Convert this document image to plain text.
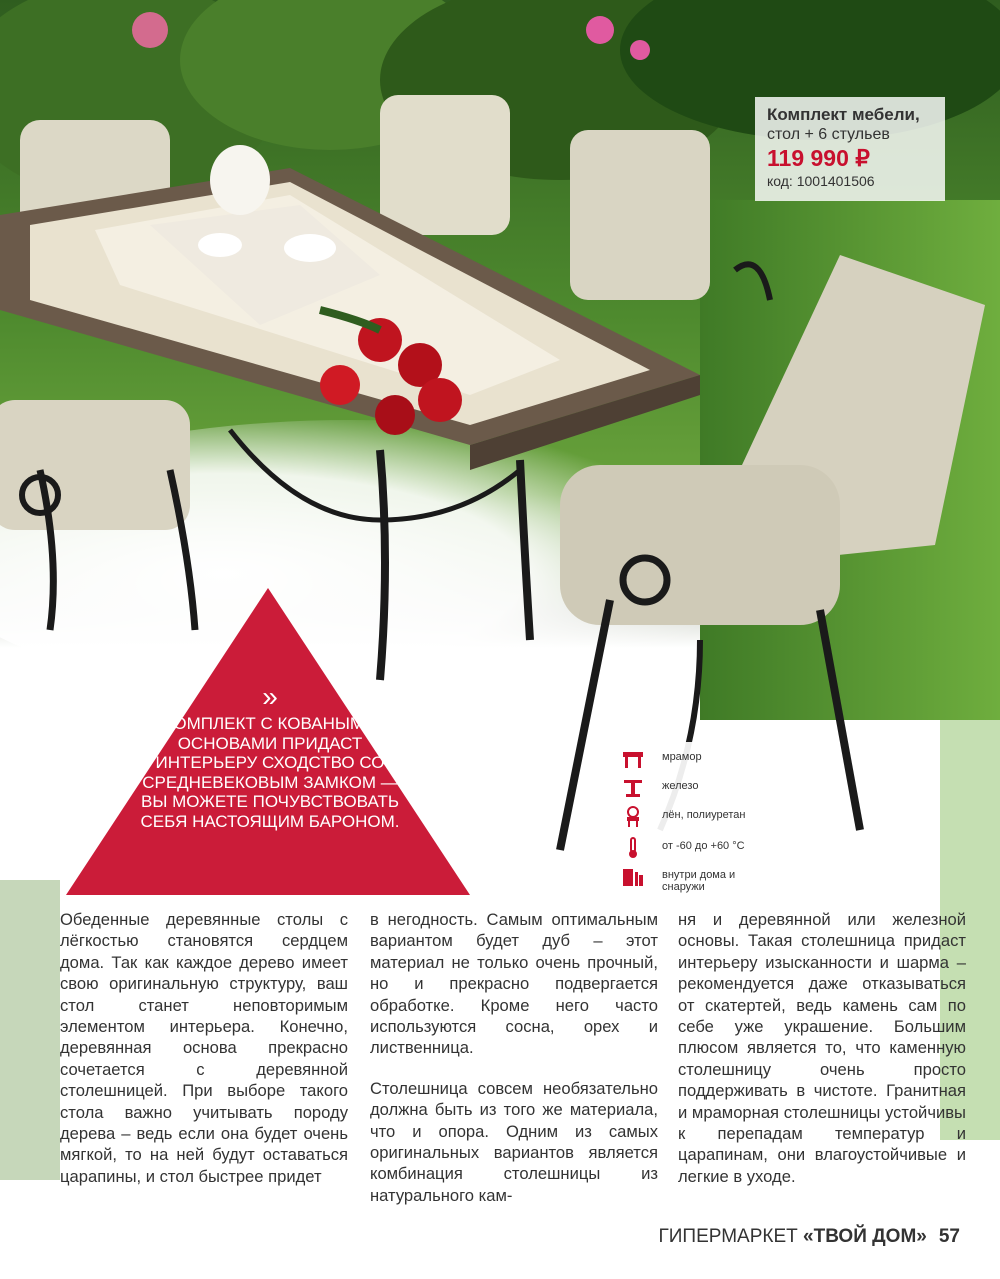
Комплект мебели,
стол + 6 стульев
119 990 ₽
код: 1001401506
»
КОМПЛЕКТ С КОВАНЫМИ ОСНОВАМИ ПРИДАСТ ИНТЕРЬЕРУ СХОДСТВО СО СРЕДНЕВЕКОВЫМ ЗАМКОМ — ВЫ МОЖЕТЕ ПОЧУВСТВОВАТЬ СЕБЯ НАСТОЯЩИМ БАРОНОМ.
мрамор
железо
лён, полиуретан
от -60 до +60 °С
внутри дома и снаружи

Обеденные деревянные столы с лёгкостью становятся сердцем дома. Так как каждое дерево имеет свою оригинальную структуру, ваш стол станет неповторимым элементом интерьера. Конечно, деревянная основа прекрасно сочетается с деревянной столешницей. При выборе такого стола важно учитывать породу дерева – ведь если она будет очень мягкой, то на ней будут оставаться царапины, и стол быстрее придет

в негодность. Самым оптимальным вариантом будет дуб – этот материал не только очень прочный, но и прекрасно подвергается обработке. Кроме него часто используются сосна, орех и лиственница.

Столешница совсем необязательно должна быть из того же материала, что и опора. Одним из самых оригинальных вариантов является комбинация столешницы из натурального кам-

ня и деревянной или железной основы. Такая столешница придаст интерьеру изысканности и шарма – рекомендуется даже отказываться от скатертей, ведь камень сам по себе уже украшение. Большим плюсом является то, что каменную столешницу очень просто поддерживать в чистоте. Гранитная и мраморная столешницы устойчивы к перепадам температур и царапинам, они влагоустойчивые и легкие в уходе.

ГИПЕРМАРКЕТ «ТВОЙ ДОМ» 57
